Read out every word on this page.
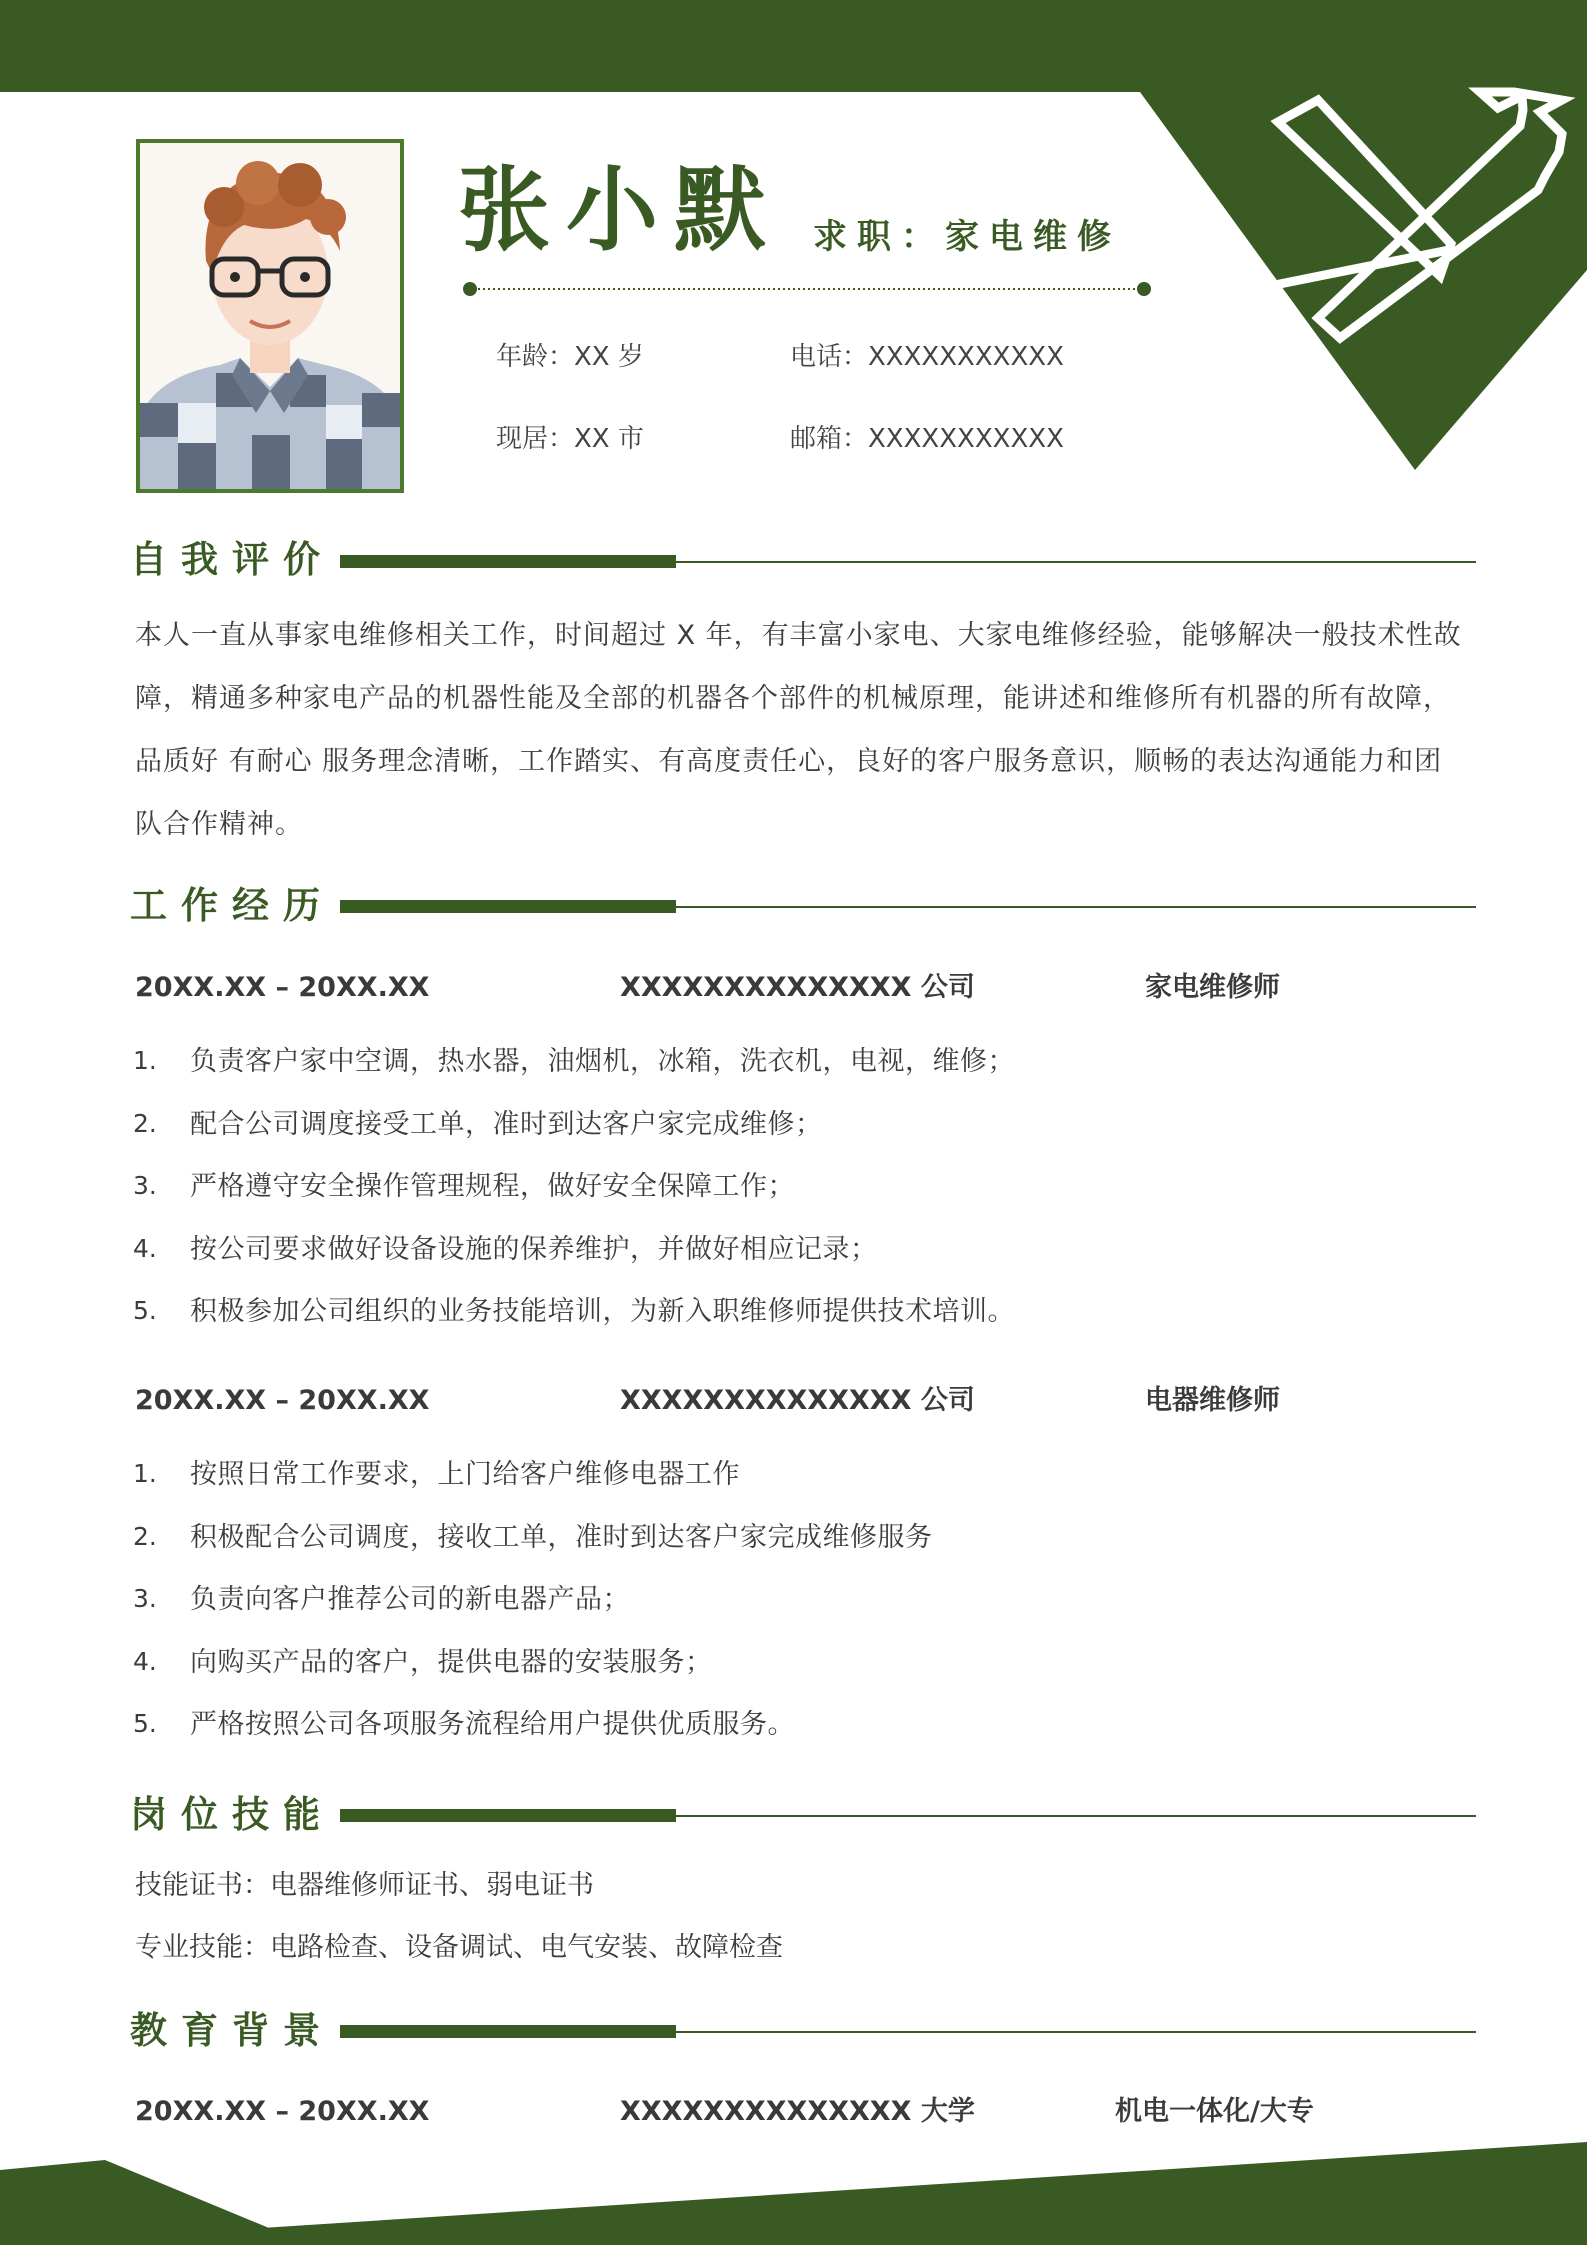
张小默 求职：家电维修
年龄：XX 岁
现居：XX 市
电话：XXXXXXXXXXX
邮箱：XXXXXXXXXXX
自我评价

本人一直从事家电维修相关工作，时间超过 X 年，有丰富小家电、大家电维修经验，能够解决一般技术性故障，精通多种家电产品的机器性能及全部的机器各个部件的机械原理，能讲述和维修所有机器的所有故障，品质好 有耐心 服务理念清晰，工作踏实、有高度责任心，良好的客户服务意识，顺畅的表达沟通能力和团队合作精神。

工作经历
20XX.XX – 20XX.XX	XXXXXXXXXXXXXX 公司	家电维修师
1.	负责客户家中空调，热水器，油烟机，冰箱，洗衣机，电视，维修；
2.	配合公司调度接受工单，准时到达客户家完成维修；
3.	严格遵守安全操作管理规程，做好安全保障工作；
4.	按公司要求做好设备设施的保养维护，并做好相应记录；
5.	积极参加公司组织的业务技能培训，为新入职维修师提供技术培训。
20XX.XX – 20XX.XX	XXXXXXXXXXXXXX 公司	电器维修师
1.	按照日常工作要求，上门给客户维修电器工作
2.	积极配合公司调度，接收工单，准时到达客户家完成维修服务
3.	负责向客户推荐公司的新电器产品；
4.	向购买产品的客户，提供电器的安装服务；
5.	严格按照公司各项服务流程给用户提供优质服务。
岗位技能
技能证书：电器维修师证书、弱电证书
专业技能：电路检查、设备调试、电气安装、故障检查
教育背景
20XX.XX – 20XX.XX	XXXXXXXXXXXXXX 大学	机电一体化/大专
